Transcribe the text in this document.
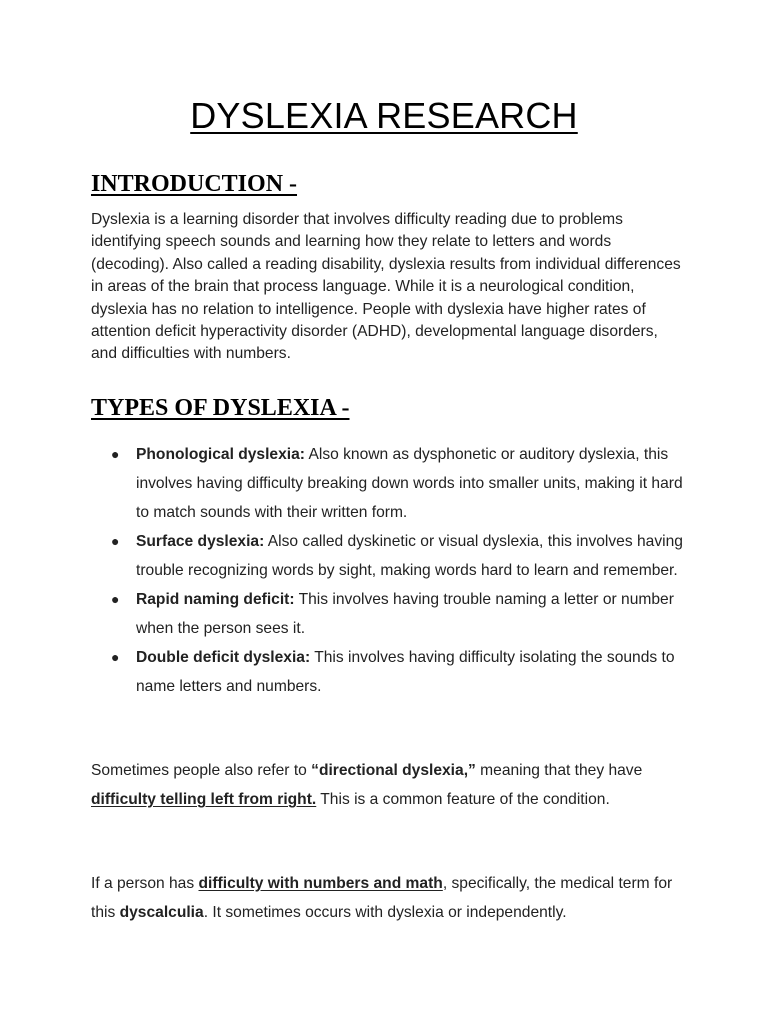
DYSLEXIA RESEARCH
INTRODUCTION -

Dyslexia is a learning disorder that involves difficulty reading due to problems identifying speech sounds and learning how they relate to letters and words (decoding). Also called a reading disability, dyslexia results from individual differences in areas of the brain that process language. While it is a neurological condition, dyslexia has no relation to intelligence. People with dyslexia have higher rates of attention deficit hyperactivity disorder (ADHD), developmental language disorders, and difficulties with numbers.

TYPES OF DYSLEXIA -
● Phonological dyslexia: Also known as dysphonetic or auditory dyslexia, this involves having difficulty breaking down words into smaller units, making it hard to match sounds with their written form.
● Surface dyslexia: Also called dyskinetic or visual dyslexia, this involves having trouble recognizing words by sight, making words hard to learn and remember.
● Rapid naming deficit: This involves having trouble naming a letter or number when the person sees it.
● Double deficit dyslexia: This involves having difficulty isolating the sounds to name letters and numbers.

Sometimes people also refer to “directional dyslexia,” meaning that they have difficulty telling left from right. This is a common feature of the condition.

If a person has difficulty with numbers and math, specifically, the medical term for this dyscalculia. It sometimes occurs with dyslexia or independently.
